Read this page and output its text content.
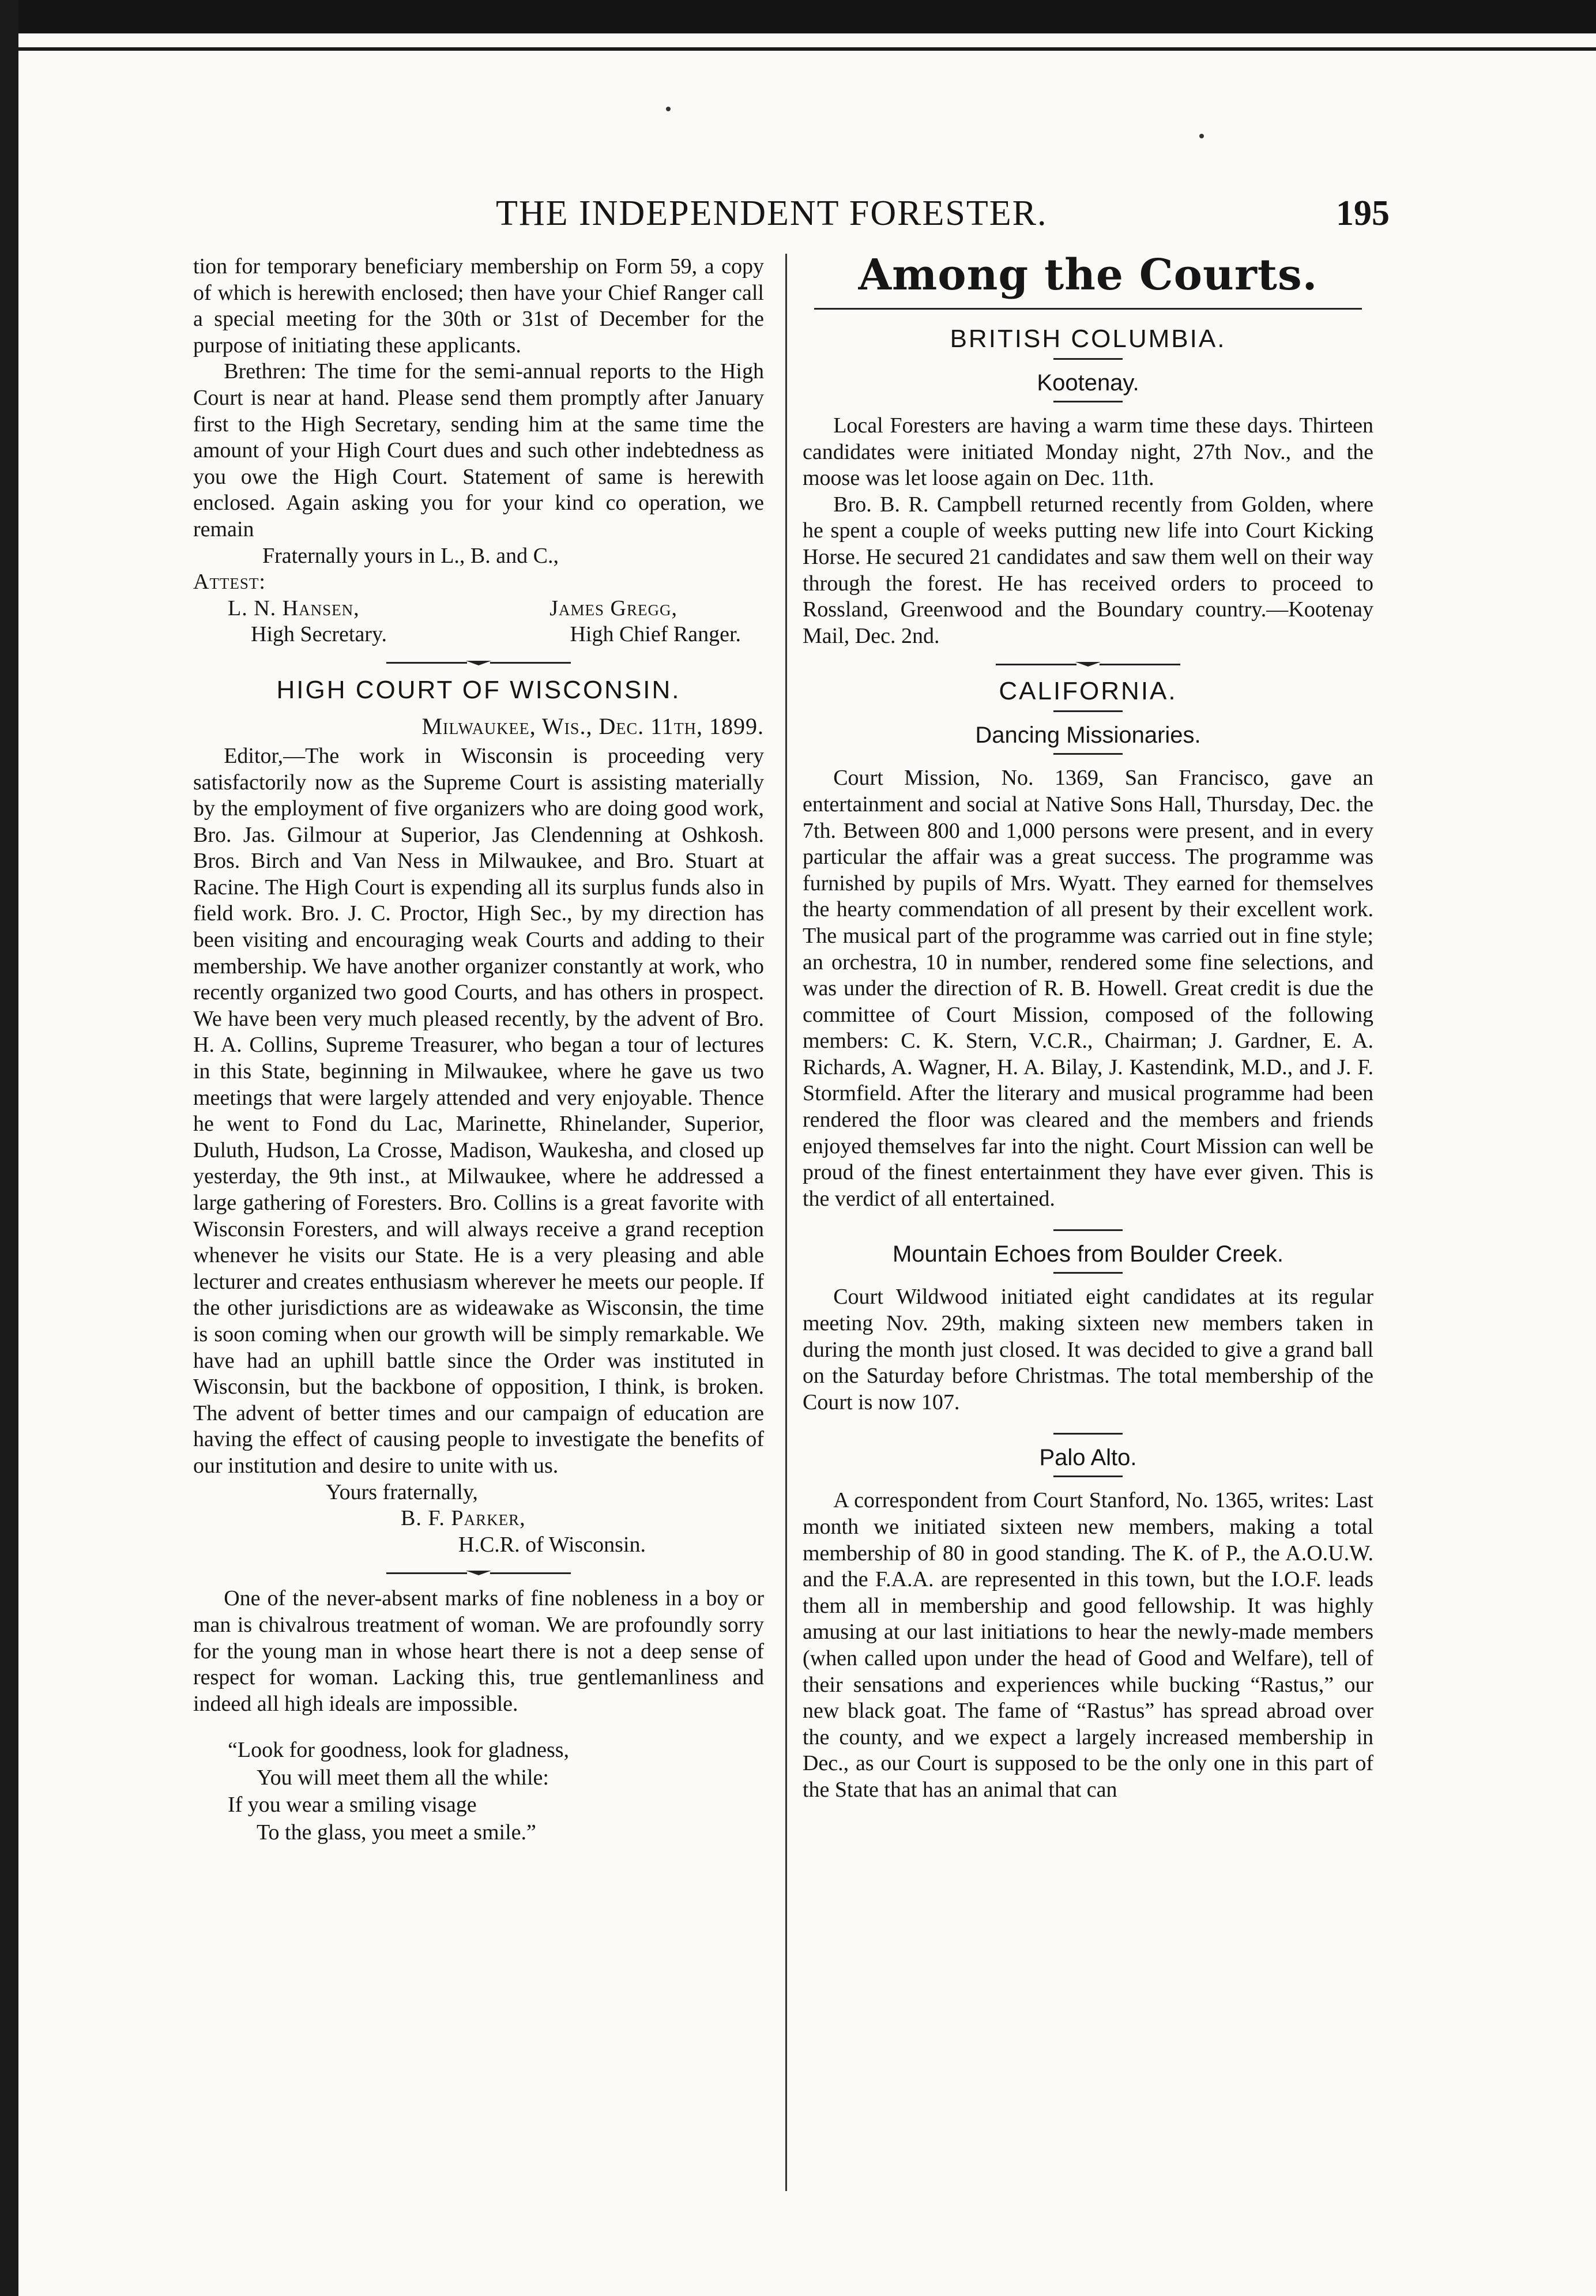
THE INDEPENDENT FORESTER.	195

tion for temporary beneficiary membership on Form 59, a copy of which is herewith enclosed; then have your Chief Ranger call a special meeting for the 30th or 31st of December for the purpose of initiating these applicants.

Brethren: The time for the semi-annual reports to the High Court is near at hand. Please send them promptly after January first to the High Secretary, sending him at the same time the amount of your High Court dues and such other indebtedness as you owe the High Court. Statement of same is herewith enclosed. Again asking you for your kind co operation, we remain

Fraternally yours in L., B. and C.,
Attest:
L. N. Hansen,	James Gregg,
High Secretary.	High Chief Ranger.
HIGH COURT OF WISCONSIN.
Milwaukee, Wis., Dec. 11th, 1899.

Editor,—The work in Wisconsin is proceeding very satisfactorily now as the Supreme Court is assisting materially by the employment of five organizers who are doing good work, Bro. Jas. Gilmour at Superior, Jas Clendenning at Oshkosh. Bros. Birch and Van Ness in Milwaukee, and Bro. Stuart at Racine. The High Court is expending all its surplus funds also in field work. Bro. J. C. Proctor, High Sec., by my direction has been visiting and encouraging weak Courts and adding to their membership. We have another organizer constantly at work, who recently organized two good Courts, and has others in prospect. We have been very much pleased recently, by the advent of Bro. H. A. Collins, Supreme Treasurer, who began a tour of lectures in this State, beginning in Milwaukee, where he gave us two meetings that were largely attended and very enjoyable. Thence he went to Fond du Lac, Marinette, Rhinelander, Superior, Duluth, Hudson, La Crosse, Madison, Waukesha, and closed up yesterday, the 9th inst., at Milwaukee, where he addressed a large gathering of Foresters. Bro. Collins is a great favorite with Wisconsin Foresters, and will always receive a grand reception whenever he visits our State. He is a very pleasing and able lecturer and creates enthusiasm wherever he meets our people. If the other jurisdictions are as wideawake as Wisconsin, the time is soon coming when our growth will be simply remarkable. We have had an uphill battle since the Order was instituted in Wisconsin, but the backbone of opposition, I think, is broken. The advent of better times and our campaign of education are having the effect of causing people to investigate the benefits of our institution and desire to unite with us.

Yours fraternally,
B. F. Parker,
H.C.R. of Wisconsin.

One of the never-absent marks of fine nobleness in a boy or man is chivalrous treatment of woman. We are profoundly sorry for the young man in whose heart there is not a deep sense of respect for woman. Lacking this, true gentlemanliness and indeed all high ideals are impossible.

“Look for goodness, look for gladness,
You will meet them all the while:
If you wear a smiling visage
To the glass, you meet a smile.”
Among the Courts.
BRITISH COLUMBIA.
Kootenay.

Local Foresters are having a warm time these days. Thirteen candidates were initiated Monday night, 27th Nov., and the moose was let loose again on Dec. 11th.

Bro. B. R. Campbell returned recently from Golden, where he spent a couple of weeks putting new life into Court Kicking Horse. He secured 21 candidates and saw them well on their way through the forest. He has received orders to proceed to Rossland, Greenwood and the Boundary country.—Kootenay Mail, Dec. 2nd.

CALIFORNIA.
Dancing Missionaries.

Court Mission, No. 1369, San Francisco, gave an entertainment and social at Native Sons Hall, Thursday, Dec. the 7th. Between 800 and 1,000 persons were present, and in every particular the affair was a great success. The programme was furnished by pupils of Mrs. Wyatt. They earned for themselves the hearty commendation of all present by their excellent work. The musical part of the programme was carried out in fine style; an orchestra, 10 in number, rendered some fine selections, and was under the direction of R. B. Howell. Great credit is due the committee of Court Mission, composed of the following members: C. K. Stern, V.C.R., Chairman; J. Gardner, E. A. Richards, A. Wagner, H. A. Bilay, J. Kastendink, M.D., and J. F. Stormfield. After the literary and musical programme had been rendered the floor was cleared and the members and friends enjoyed themselves far into the night. Court Mission can well be proud of the finest entertainment they have ever given. This is the verdict of all entertained.

Mountain Echoes from Boulder Creek.

Court Wildwood initiated eight candidates at its regular meeting Nov. 29th, making sixteen new members taken in during the month just closed. It was decided to give a grand ball on the Saturday before Christmas. The total membership of the Court is now 107.

Palo Alto.

A correspondent from Court Stanford, No. 1365, writes: Last month we initiated sixteen new members, making a total membership of 80 in good standing. The K. of P., the A.O.U.W. and the F.A.A. are represented in this town, but the I.O.F. leads them all in membership and good fellowship. It was highly amusing at our last initiations to hear the newly-made members (when called upon under the head of Good and Welfare), tell of their sensations and experiences while bucking “Rastus,” our new black goat. The fame of “Rastus” has spread abroad over the county, and we expect a largely increased membership in Dec., as our Court is supposed to be the only one in this part of the State that has an animal that can
